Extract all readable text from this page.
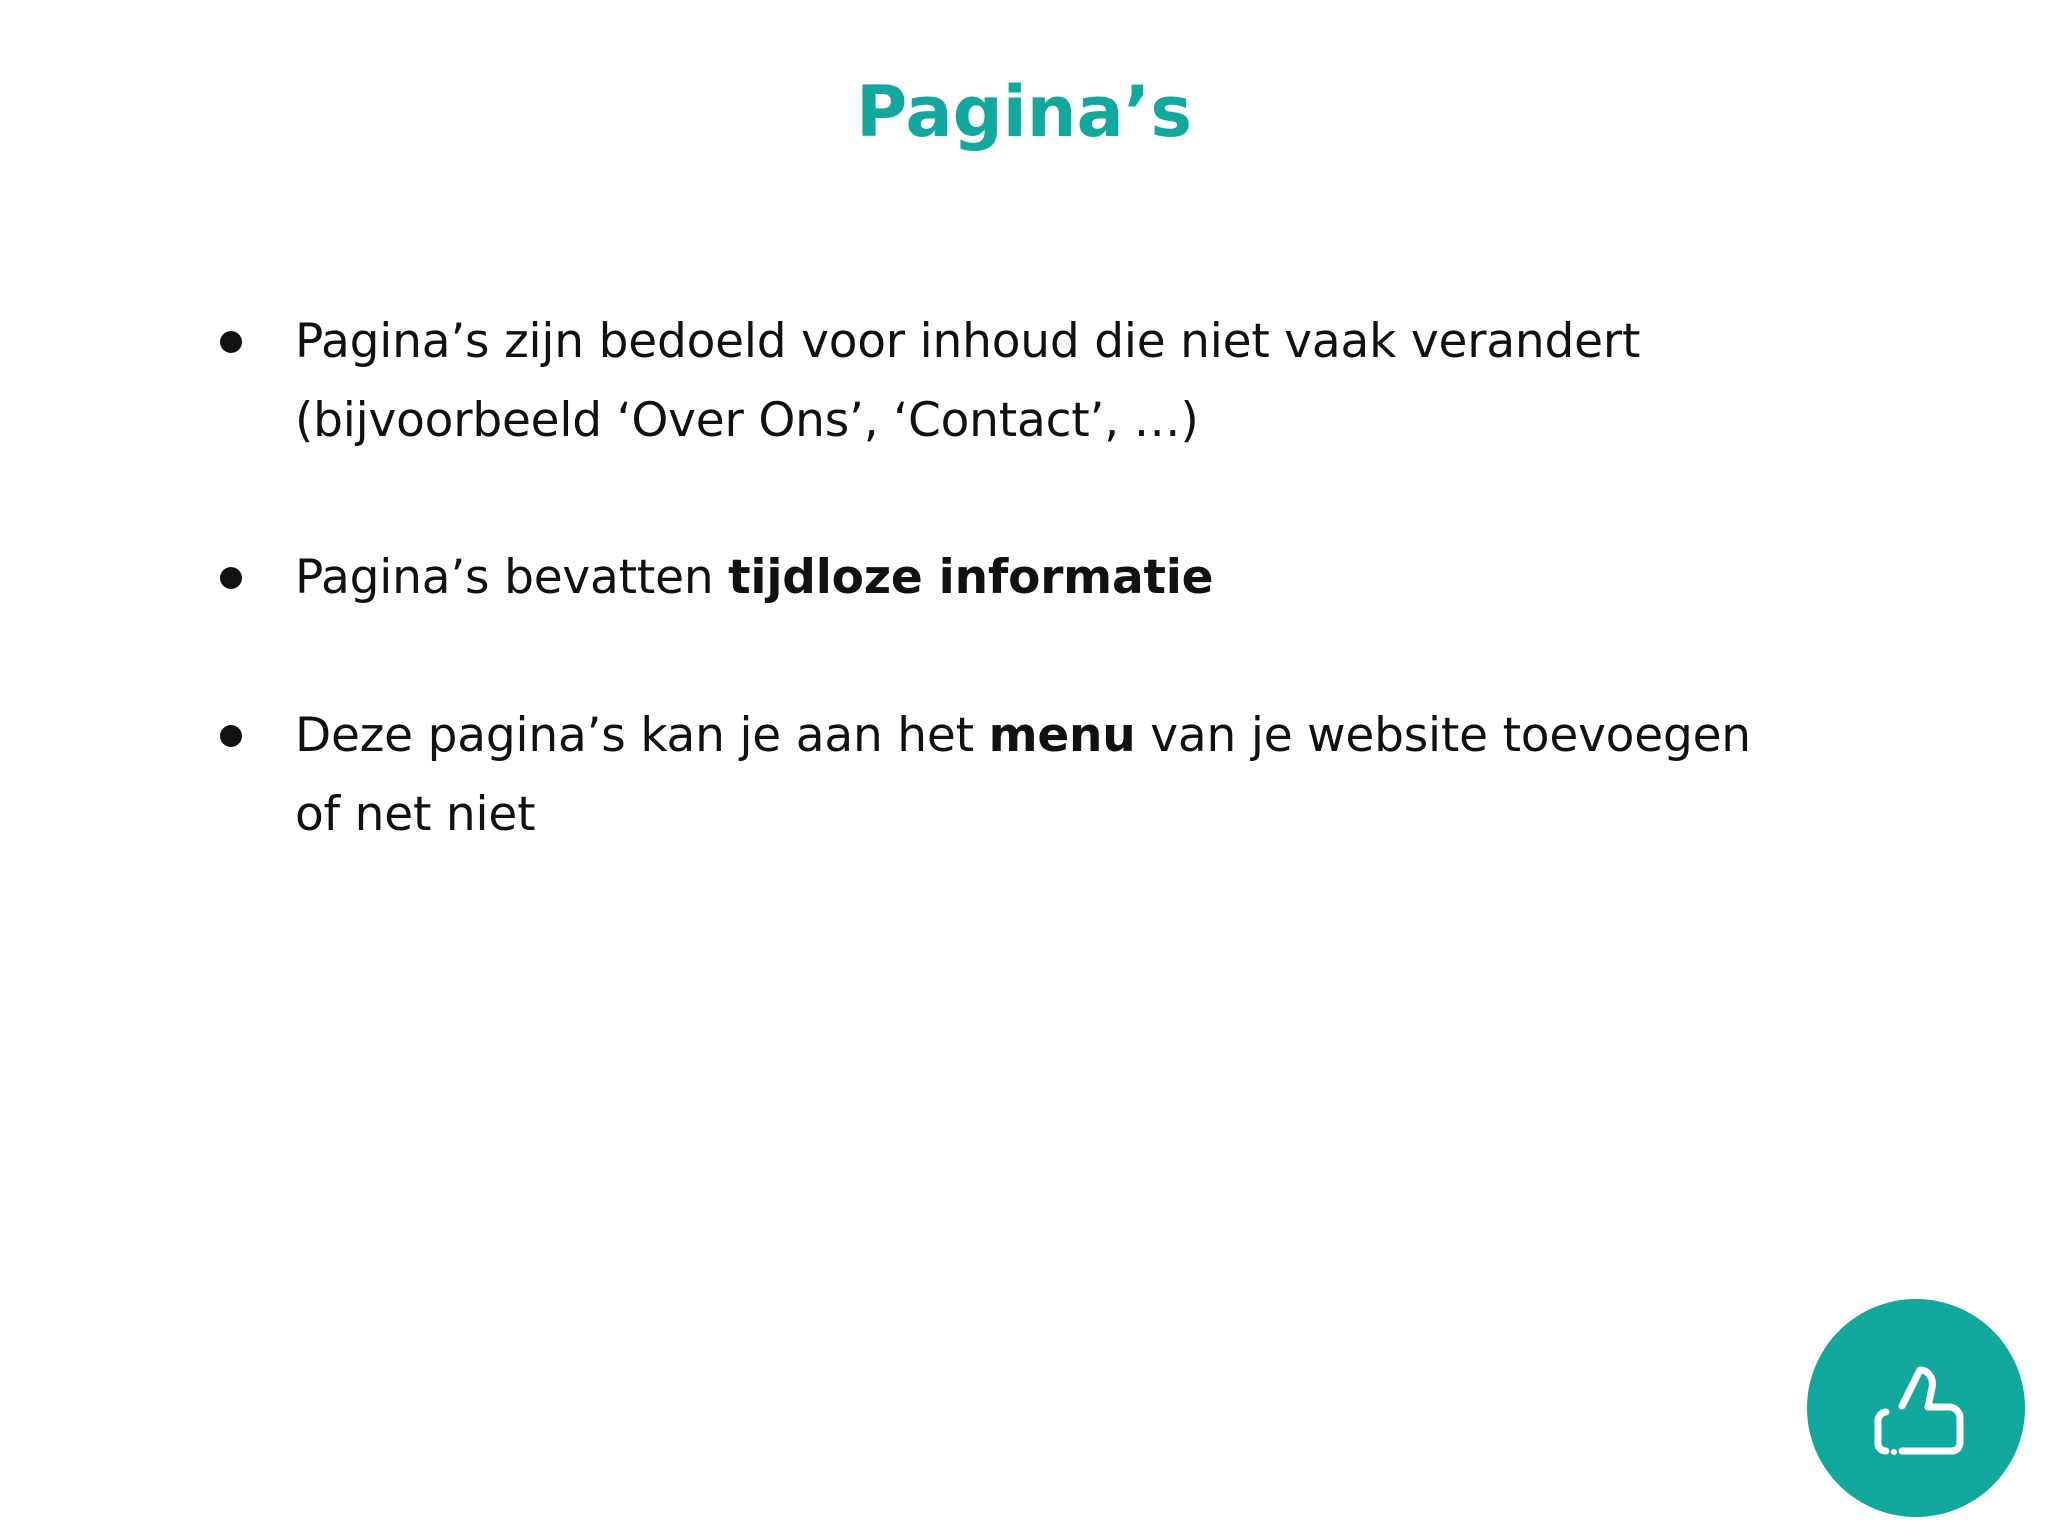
Pagina’s

Pagina’s zijn bedoeld voor inhoud die niet vaak verandert
(bijvoorbeeld ‘Over Ons’, ‘Contact’, …)

Pagina’s bevatten tijdloze informatie

Deze pagina’s kan je aan het menu van je website toevoegen
of net niet
